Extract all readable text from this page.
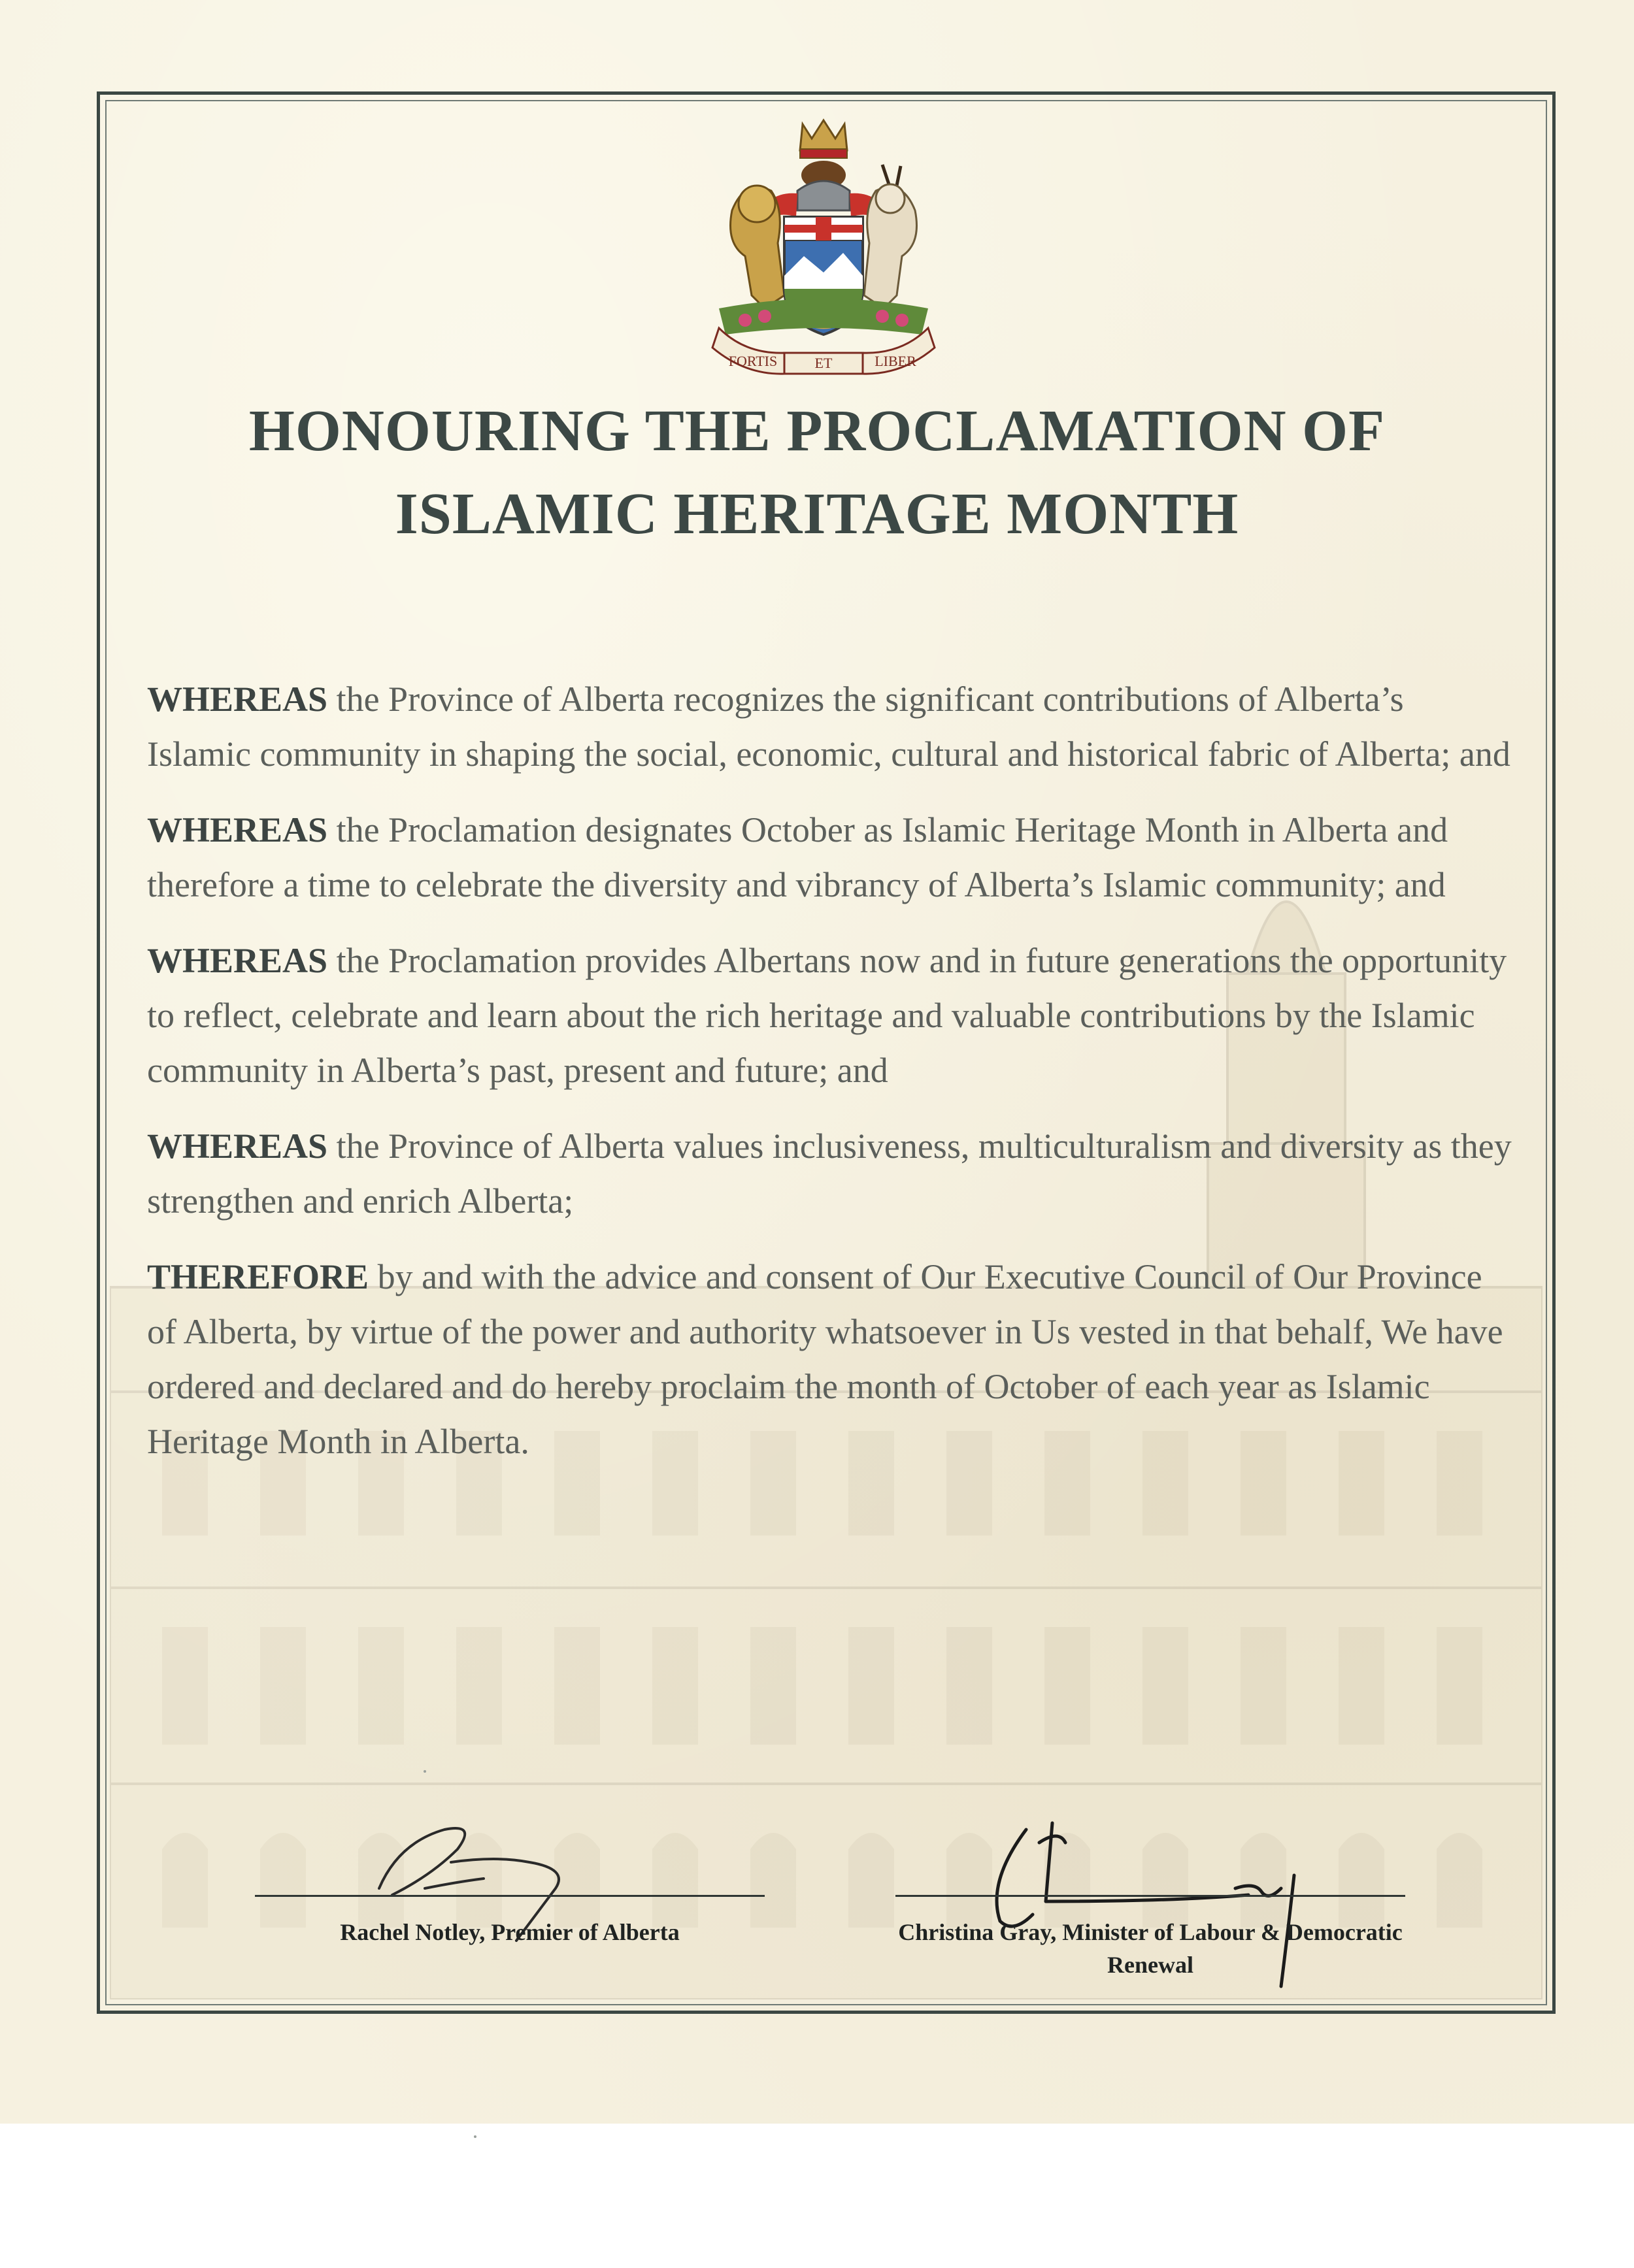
FORTIS	ET	LIBER
HONOURING THE PROCLAMATION OF
ISLAMIC HERITAGE MONTH

WHEREAS the Province of Alberta recognizes the significant contributions of Alberta’s Islamic community in shaping the social, economic, cultural and historical fabric of Alberta; and

WHEREAS the Proclamation designates October as Islamic Heritage Month in Alberta and therefore a time to celebrate the diversity and vibrancy of Alberta’s Islamic community; and

WHEREAS the Proclamation provides Albertans now and in future generations the opportunity to reflect, celebrate and learn about the rich heritage and valuable contributions by the Islamic community in Alberta’s past, present and future; and

WHEREAS the Province of Alberta values inclusiveness, multiculturalism and diversity as they strengthen and enrich Alberta;

THEREFORE by and with the advice and consent of Our Executive Council of Our Province of Alberta, by virtue of the power and authority whatsoever in Us vested in that behalf, We have ordered and declared and do hereby proclaim the month of October of each year as Islamic Heritage Month in Alberta.

Rachel Notley, Premier of Alberta	Christina Gray, Minister of Labour & Democratic Renewal
